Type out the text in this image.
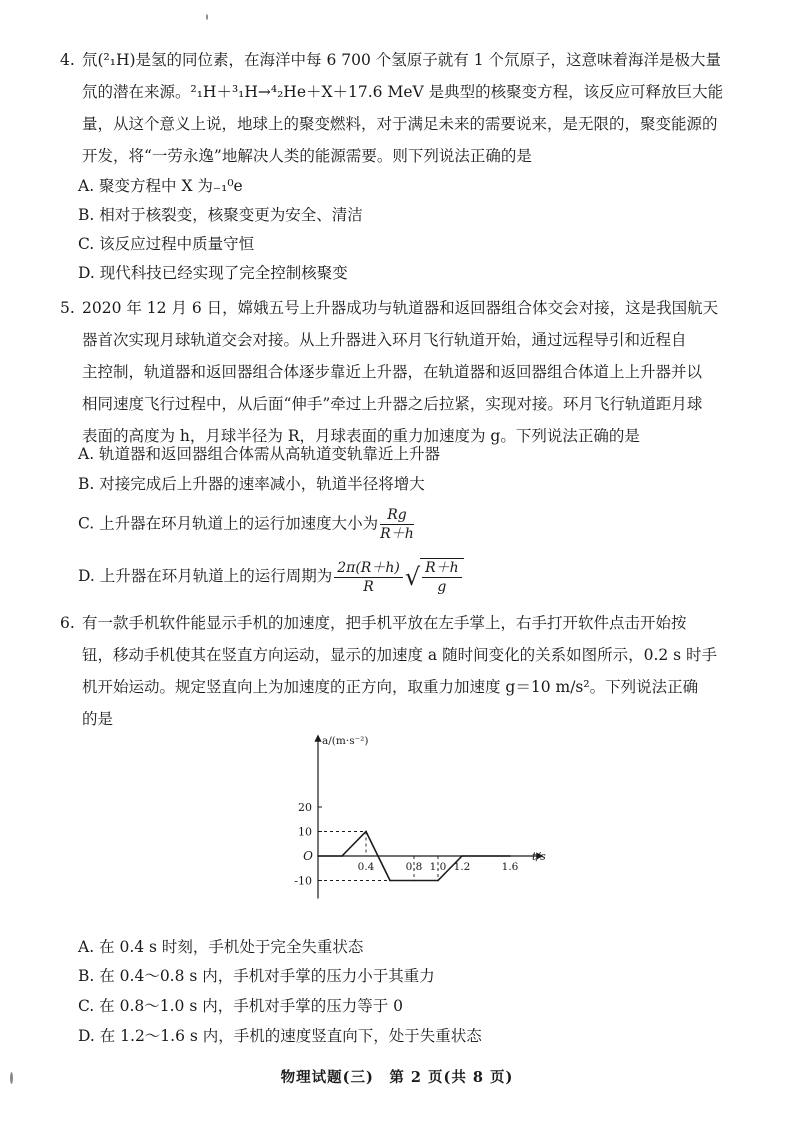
4. 氘(²₁H)是氢的同位素，在海洋中每 6 700 个氢原子就有 1 个氘原子，这意味着海洋是极大量
氘的潜在来源。²₁H＋³₁H→⁴₂He＋X＋17.6 MeV 是典型的核聚变方程，该反应可释放巨大能
量，从这个意义上说，地球上的聚变燃料，对于满足未来的需要说来，是无限的，聚变能源的
开发，将“一劳永逸”地解决人类的能源需要。则下列说法正确的是
A. 聚变方程中 X 为₋₁⁰e
B. 相对于核裂变，核聚变更为安全、清洁
C. 该反应过程中质量守恒
D. 现代科技已经实现了完全控制核聚变
5. 2020 年 12 月 6 日，嫦娥五号上升器成功与轨道器和返回器组合体交会对接，这是我国航天
器首次实现月球轨道交会对接。从上升器进入环月飞行轨道开始，通过远程导引和近程自
主控制，轨道器和返回器组合体逐步靠近上升器，在轨道器和返回器组合体道上上升器并以
相同速度飞行过程中，从后面“伸手”牵过上升器之后拉紧，实现对接。环月飞行轨道距月球
表面的高度为 h，月球半径为 R，月球表面的重力加速度为 g。下列说法正确的是
A. 轨道器和返回器组合体需从高轨道变轨靠近上升器
B. 对接完成后上升器的速率减小，轨道半径将增大
C. 上升器在环月轨道上的运行加速度大小为 $\frac{Rg}{R+h}$
D. 上升器在环月轨道上的运行周期为 $\frac{2\pi(R+h)}{R}$ √ $\frac{R+h}{g}$
6. 有一款手机软件能显示手机的加速度，把手机平放在左手掌上，右手打开软件点击开始按
钮，移动手机使其在竖直方向运动，显示的加速度 a 随时间变化的关系如图所示，0.2 s 时手
机开始运动。规定竖直向上为加速度的正方向，取重力加速度 g＝10 m/s²。下列说法正确
的是
a/(m·s⁻²)
t/s
O
20
10
-10
0.4	0.8 1.0 1.2	1.6
A. 在 0.4 s 时刻，手机处于完全失重状态
B. 在 0.4～0.8 s 内，手机对手掌的压力小于其重力
C. 在 0.8～1.0 s 内，手机对手掌的压力等于 0
D. 在 1.2～1.6 s 内，手机的速度竖直向下，处于失重状态
物理试题(三)　第 2 页(共 8 页)
